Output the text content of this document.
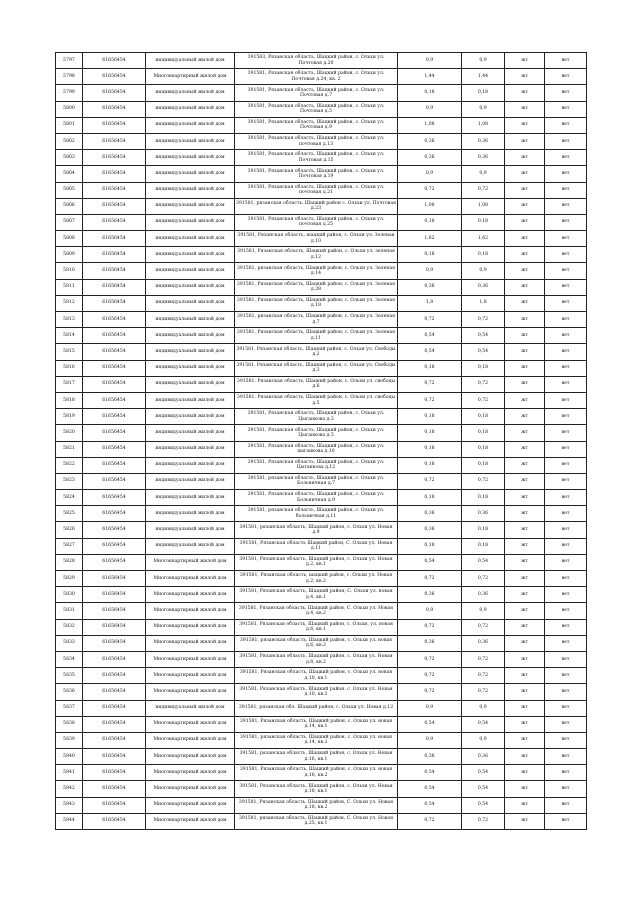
5797	61656454	индивидуальный жилой дом	391583, Рязанская область, Шацкий район, с. Ольхи ул. Почтовая д.20	0,9	0,9	жт	вет
5798	61656454	Многоквартирный жилой дом	391581, Рязанская область, Шацкий район, с. Ольхи ул. Почтовая д.24, кв. 2	1,44	1,44	жт	вет
5799	61656454	индивидуальный жилой дом	391581, Рязанская область, Шацкий район, с. Ольхи ул. Почтовая д.7	0,18	0,18	жт	вет
5800	61656454	индивидуальный жилой дом	391581, Рязанская область, Шацкий район, с. Ольхи ул. Почтовая д.5	0,9	0,9	жт	вет
5801	61656454	индивидуальный жилой дом	391581, Рязанская область, Шацкий район, с. Ольхи ул. Почтовая д.9	1,08	1,08	жт	вет
5802	61656454	индивидуальный жилой дом	391581, Рязанская область, Шацкий район, с. Ольхи ул. почтовая д.13	0,36	0,36	жт	вет
5803	61656454	индивидуальный жилой дом	391581, Рязанская область, Шацкий район, с. Ольхи ул. Почтовая д.15	0,36	0,36	жт	вет
5804	61656454	индивидуальный жилой дом	391581, Рязанская область, Шацкий район, с. Ольхи ул. Почтовая д.19	0,9	0,9	жт	вет
5805	61656454	индивидуальный жилой дом	391581, Рязанская область, Шацкий район, с. Ольхи ул. почтовая д.21	0,72	0,72	жт	вет
5806	61656454	индивидуальный жилой дом	391581, рязанская область, Шацкий район с. Ольхи ул. Почтовая д.23	1,08	1,08	жт	вет
5807	61656454	индивидуальный жилой дом	391581, Рязанская область, Шацкий район, с. Ольхи ул. почтовая д.25	0,18	0,18	жт	вет
5808	61656454	индивидуальный жилой дом	391581, Рязанская область, шацкий район, с. Ольхи ул. Зеленая д.10	1,62	1,62	жт	вет
5809	61656454	индивидуальный жилой дом	391581, Рязанская область, Шацкий район, с. Ольхи ул. зеленая д.12	0,18	0,18	жт	вет
5810	61656454	индивидуальный жилой дом	391581, рязанская область, Шацкий район, с. Ольхи ул. Зеленая д.14	0,9	0,9	жт	вет
5811	61656454	индивидуальный жилой дом	391581, Рязанская область, Шацкий район, с. Ольхи ул. Зеленая д.28	0,36	0,36	жт	вет
5812	61656454	индивидуальный жилой дом	391581, Рязанская область, Шацкий район, с. Ольхи ул. Зеленая д.18	1,8	1,8	жт	вет
5813	61656454	индивидуальный жилой дом	391581, рязанская область, Шацкий район, с. Ольхи ул. Зеленая д.7	0,72	0,72	жт	вет
5814	61656454	индивидуальный жилой дом	391581, Рязанская область, Шацкий район, с. Ольхи ул. Зеленая д.11	0,54	0,54	жт	вет
5815	61656454	индивидуальный жилой дом	391581, Рязанская область, Шацкий район, с. Ольхи ул. Свободы д.2	0,54	0,54	жт	вет
5816	61656454	индивидуальный жилой дом	391581, Рязанская область, Шацкий район, с. Ольхи ул. Свободы д.3	0,18	0,18	жт	вет
5817	61656454	индивидуальный жилой дом	391581, Рязанская область, Шацкий район, с. Ольхи ул. свободы д.6	0,72	0,72	жт	вет
5818	61656454	индивидуальный жилой дом	391581, Рязанская область, Шацкий район, с. Ольхи ул. свободы д.5	0,72	0,72	жт	вет
5819	61656454	индивидуальный жилой дом	391581, Рязанская область, Шацкий район, с. Ольхи ул. Цыганкова д.3	0,18	0,18	жт	вет
5820	61656454	индивидуальный жилой дом	391581, Рязанская область, Шацкий район, с. Ольхи ул. Цыганкова д.5	0,18	0,18	жт	вет
5821	61656454	индивидуальный жилой дом	391581, Рязанская область, Шацкий район, с. Ольхи ул. цыганкова д.10	0,18	0,18	жт	вет
5822	61656454	индивидуальный жилой дом	391581, Рязанская область, Шацкий район, с. Ольхи ул. Цыганкова д.12	0,18	0,18	жт	вет
5823	61656454	индивидуальный жилой дом	391581, рязанская область, Шацкий район, с. Ольхи ул. Больничная д.7	0,72	0,72	жт	вет
5824	61656454	индивидуальный жилой дом	391581, Рязанская область, Шацкий район, с. Ольхи ул. Больничная д.9	0,18	0,18	жт	вет
5825	61656454	индивидуальный жилой дом	391581, рязанская область, Шацкий район, с. Ольхи ул. больничная д.11	0,36	0,36	жт	вет
5826	61656454	индивидуальный жилой дом	391581, рязанская область, Шацкий район, с. Ольхи ул. Новая д.9	0,36	0,18	жт	вет
5827	61656454	индивидуальный жилой дом	391581, Рязанская область Шацкий район, С. Ольхи ул. Новая д.11	0,18	0,18	жт	вет
5828	61656454	Многоквартирный жилой дом	391581, Рязанская область, Шацкий район, с. Ольхи ул. Новая д.2, кв.1	0,54	0,54	жт	вет
5829	61656454	Многоквартирный жилой дом	391581, Рязанская область, шацкий район, с. Ольхи ул. Новая д.2, кв.2	0,72	0,72	жт	вет
5830	61656454	Многоквартирный жилой дом	391581, Рязанская область, Шацкий район, С. Ольхи ул. новая д.4, кв.1	0,36	0,36	жт	вет
5831	61656454	Многоквартирный жилой дом	391581, Рязанская область, Шацкий район, С. Ольхи ул. Новая д.4, кв.2	0,9	0,9	жт	вет
5832	61656454	Многоквартирный жилой дом	391581, Рязанская область, Шацкий район, с. Ольхи, ул. новая д.6, кв.1	0,72	0,72	жт	вет
5833	61656454	Многоквартирный жилой дом	391581, рязанская область, Шацкий район, с. Ольхи ул. новая д.6, кв.2	0,36	0,36	жт	вет
5834	61656454	Многоквартирный жилой дом	391581, Рязанская область, Шацкий район, с. Ольхи ул. Новая д.8, кв.2	0,72	0,72	жт	вет
5835	61656454	Многоквартирный жилой дом	391581, Рязанская область, Шацкий район, с. Ольхи ул. новая д.10, кв.1	0,72	0,72	жт	вет
5836	61656454	Многоквартирный жилой дом	391581, Рязанская область, Шацкий район, с. Ольхи ул. Новая д.10, кв.2	0,72	0,72	жт	вет
5837	61656454	индивидуальный жилой дом	391581, рязанская обл. Шацкий район, с. Ольхи ул. Новая д.12	0,9	0,9	жт	вет
5838	61656454	Многоквартирный жилой дом	391581, Рязанская область, Шацкий район, с. Ольхи ул. новая д.14, кв.1	0,54	0,54	жт	вет
5839	61656454	Многоквартирный жилой дом	391581, рязанская область, Шацкий район, с. Ольхи ул. новая д.14, кв.2	0,9	0,9	жт	вет
5840	61656454	Многоквартирный жилой дом	391581, рязанская область, Шацкий район, с. Ольхи ул. Новая д.16, кв.1	0,36	0,36	жт	вет
5841	61656454	Многоквартирный жилой дом	391581, Рязанская область, Шацкий район, с. Ольхи ул. новая д.16, кв.2	0,54	0,54	жт	вет
5842	61656454	Многоквартирный жилой дом	391581, Рязанская область, Шацкий район, с. Ольхи ул. Новая д.18, кв.1	0,54	0,54	жт	вет
5843	61656454	Многоквартирный жилой дом	391581, Рязанская область, Шацкий район, С. Ольхи ул. Новая д.18, кв.2	0,54	0,54	жт	вет
5844	61656454	Многоквартирный жилой дом	391581, рязанская область, Шацкий район, С. Ольхи ул. Новая д.25, кв.1	0,72	0,72	жт	вет
